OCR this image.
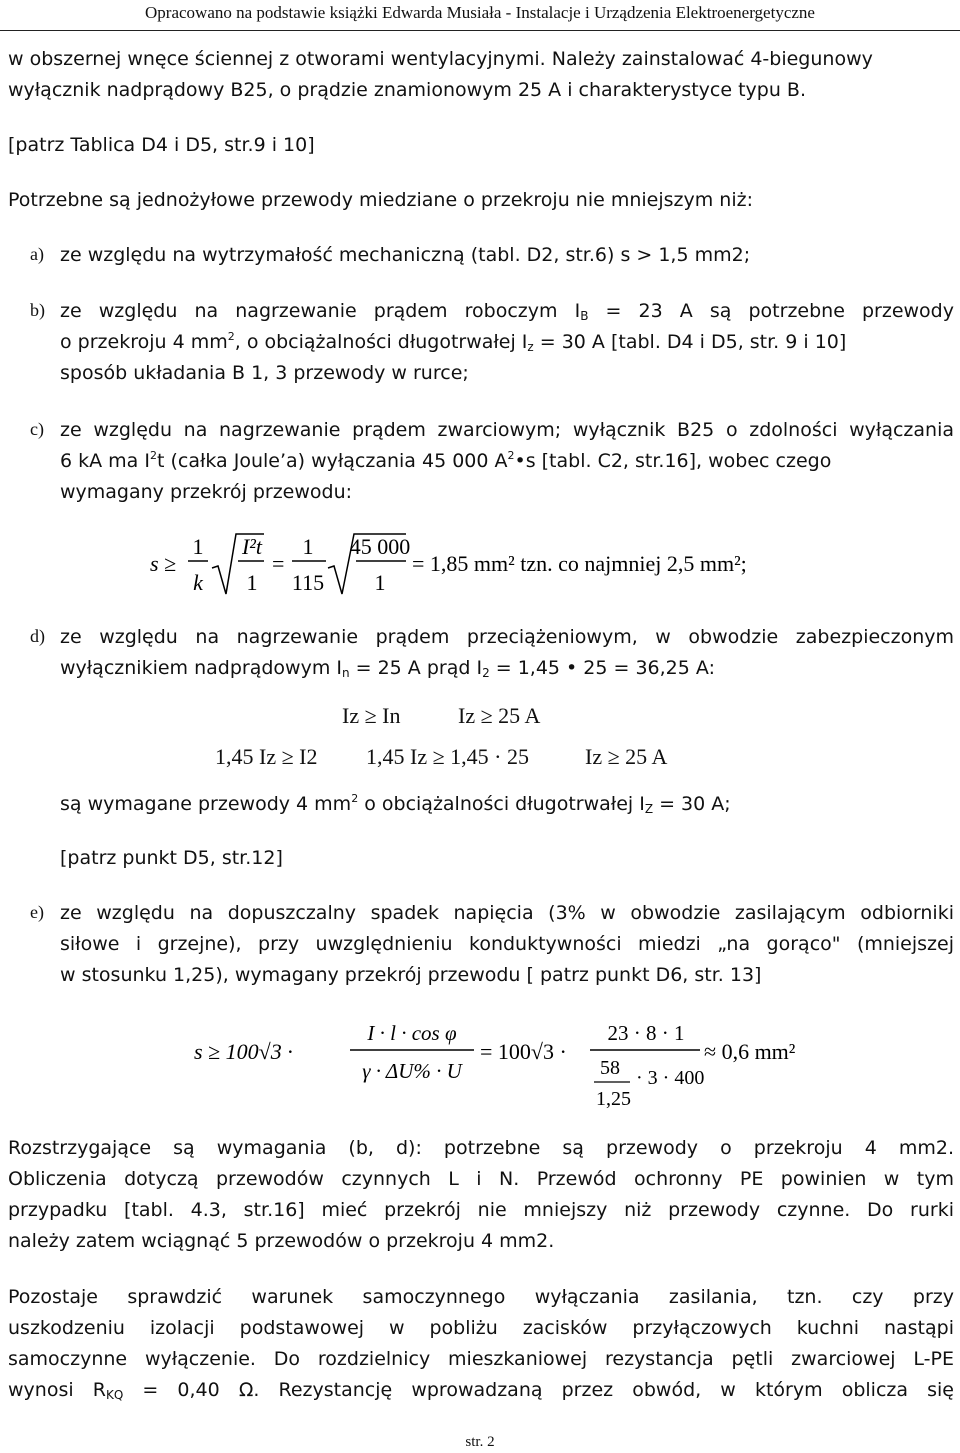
Opracowano na podstawie książki Edwarda Musiała - Instalacje i Urządzenia Elektroenergetyczne
w obszernej wnęce ściennej z otworami wentylacyjnymi. Należy zainstalować 4-biegunowy
wyłącznik nadprądowy B25, o prądzie znamionowym 25 A i charakterystyce typu B.
[patrz Tablica D4 i D5, str.9 i 10]
Potrzebne są jednożyłowe przewody miedziane o przekroju nie mniejszym niż:
a) ze względu na wytrzymałość mechaniczną (tabl. D2, str.6) s > 1,5 mm2;
b) ze względu na nagrzewanie prądem roboczym $I_B = 23$ A są potrzebne przewody
o przekroju 4 $mm^2$, o obciążalności długotrwałej $I_z = 30$ A [tabl. D4 i D5, str. 9 i 10]
sposób układania B 1, 3 przewody w rurce;
c) ze względu na nagrzewanie prądem zwarciowym; wyłącznik B25 o zdolności wyłączania
6 kA ma $I^2t$ (całka Joule’a) wyłączania 45 000 $A^2•s$ [tabl. C2, str.16], wobec czego
wymagany przekrój przewodu:
s ≥
1
k
I²t
1
=
1
115
45 000
1
= 1,85 mm² tzn. co najmniej 2,5 mm²;
d) ze względu na nagrzewanie prądem przeciążeniowym, w obwodzie zabezpieczonym
wyłącznikiem nadprądowym $I_n = 25$ A prąd $I_2 = 1,45$ • 25 = 36,25 A:
Iz ≥ In	Iz ≥ 25 A
1,45 Iz ≥ I2 1,45 Iz ≥ 1,45 · 25	Iz ≥ 25 A
są wymagane przewody 4 $mm^2$ o obciążalności długotrwałej $I_Z = 30$ A;
[patrz punkt D5, str.12]
e) ze względu na dopuszczalny spadek napięcia (3% w obwodzie zasilającym odbiorniki
siłowe i grzejne), przy uwzględnieniu konduktywności miedzi „na gorąco" (mniejszej
w stosunku 1,25), wymagany przekrój przewodu [ patrz punkt D6, str. 13]
s ≥ 100√3 ·
I · l · cos φ
γ · ΔU% · U
= 100√3 ·
23 · 8 · 1
58
1,25
· 3 · 400
≈ 0,6 mm²
Rozstrzygające są wymagania (b, d): potrzebne są przewody o przekroju 4 mm2.
Obliczenia dotyczą przewodów czynnych L i N. Przewód ochronny PE powinien w tym
przypadku [tabl. 4.3, str.16] mieć przekrój nie mniejszy niż przewody czynne. Do rurki
należy zatem wciągnąć 5 przewodów o przekroju 4 mm2.
Pozostaje sprawdzić warunek samoczynnego wyłączania zasilania, tzn. czy przy
uszkodzeniu izolacji podstawowej w pobliżu zacisków przyłączowych kuchni nastąpi
samoczynne wyłączenie. Do rozdzielnicy mieszkaniowej rezystancja pętli zwarciowej L-PE
wynosi $R_{KQ} = 0,40$ Ω. Rezystancję wprowadzaną przez obwód, w którym oblicza się
str. 2
